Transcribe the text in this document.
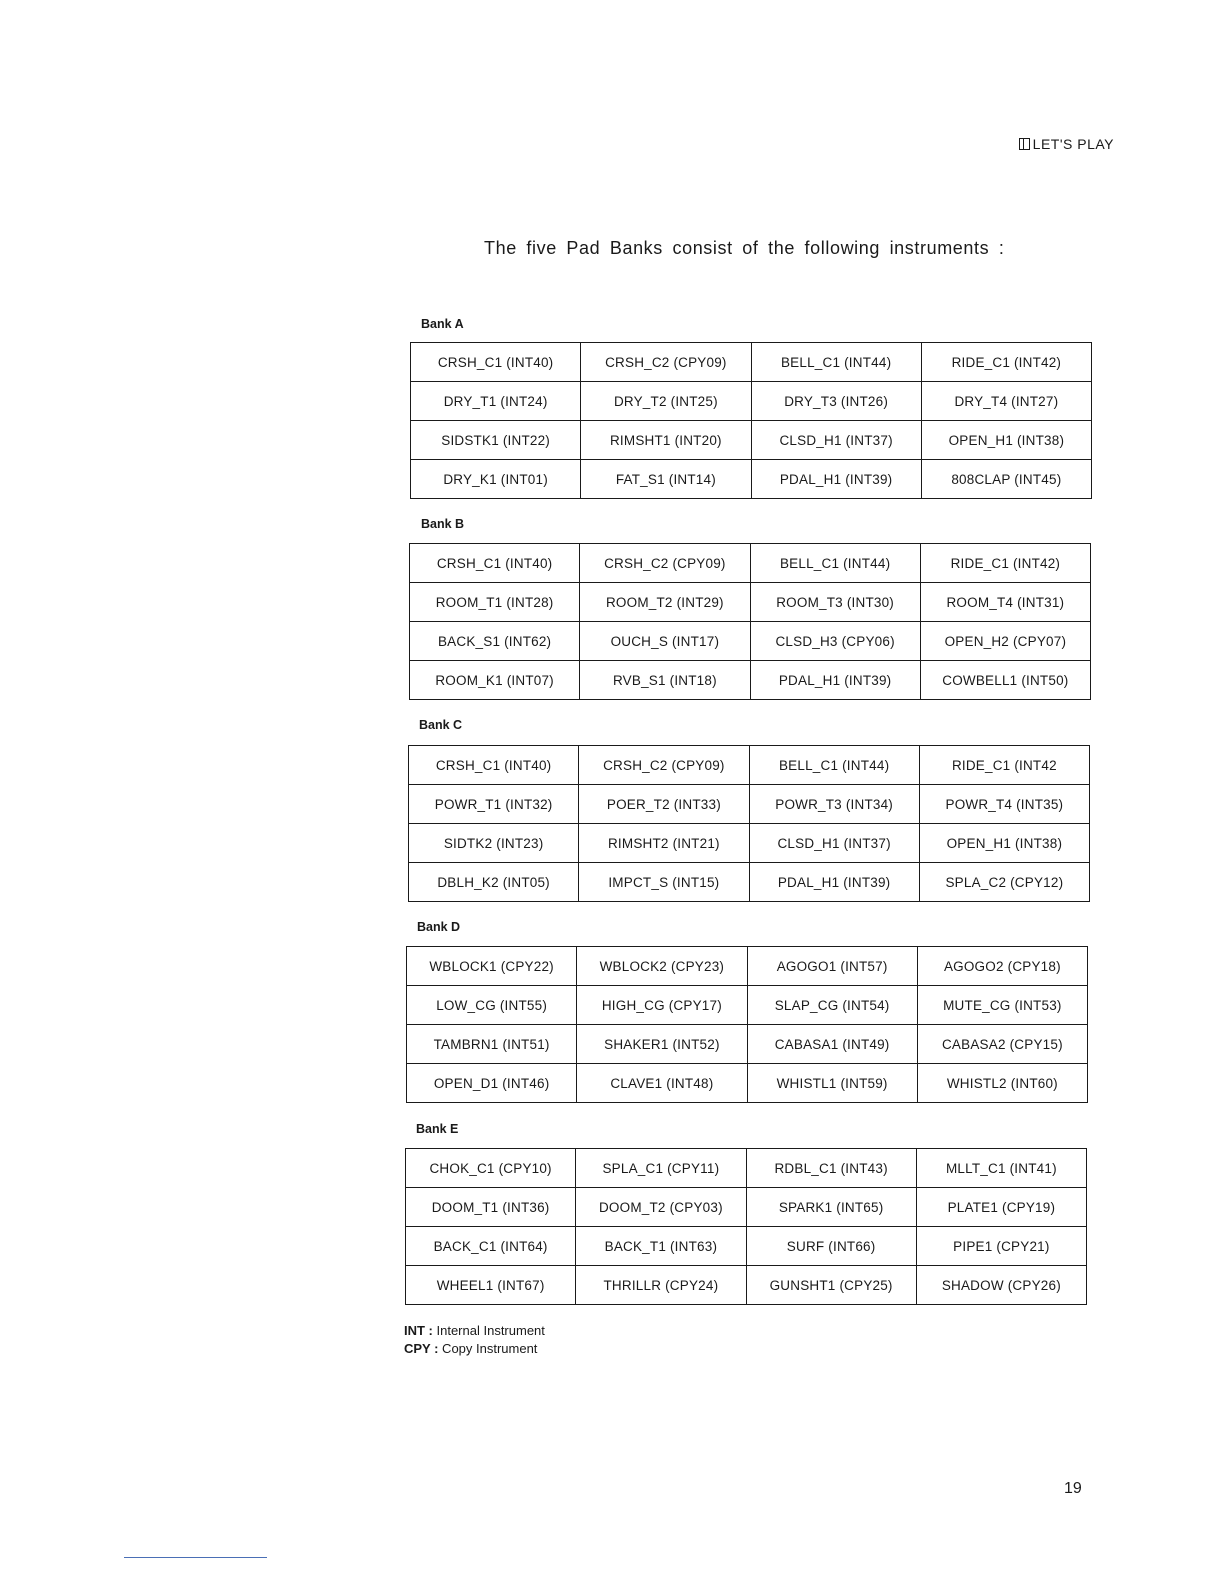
LET'S PLAY
The five Pad Banks consist of the following instruments :
Bank A
CRSH_C1 (INT40)	CRSH_C2 (CPY09)	BELL_C1 (INT44)	RIDE_C1 (INT42)
DRY_T1 (INT24)	DRY_T2 (INT25)	DRY_T3 (INT26)	DRY_T4 (INT27)
SIDSTK1 (INT22)	RIMSHT1 (INT20)	CLSD_H1 (INT37)	OPEN_H1 (INT38)
DRY_K1 (INT01)	FAT_S1 (INT14)	PDAL_H1 (INT39)	808CLAP (INT45)
Bank B
CRSH_C1 (INT40)	CRSH_C2 (CPY09)	BELL_C1 (INT44)	RIDE_C1 (INT42)
ROOM_T1 (INT28)	ROOM_T2 (INT29)	ROOM_T3 (INT30)	ROOM_T4 (INT31)
BACK_S1 (INT62)	OUCH_S (INT17)	CLSD_H3 (CPY06)	OPEN_H2 (CPY07)
ROOM_K1 (INT07)	RVB_S1 (INT18)	PDAL_H1 (INT39)	COWBELL1 (INT50)
Bank C
CRSH_C1 (INT40)	CRSH_C2 (CPY09)	BELL_C1 (INT44)	RIDE_C1 (INT42
POWR_T1 (INT32)	POER_T2 (INT33)	POWR_T3 (INT34)	POWR_T4 (INT35)
SIDTK2 (INT23)	RIMSHT2 (INT21)	CLSD_H1 (INT37)	OPEN_H1 (INT38)
DBLH_K2 (INT05)	IMPCT_S (INT15)	PDAL_H1 (INT39)	SPLA_C2 (CPY12)
Bank D
WBLOCK1 (CPY22)	WBLOCK2 (CPY23)	AGOGO1 (INT57)	AGOGO2 (CPY18)
LOW_CG (INT55)	HIGH_CG (CPY17)	SLAP_CG (INT54)	MUTE_CG (INT53)
TAMBRN1 (INT51)	SHAKER1 (INT52)	CABASA1 (INT49)	CABASA2 (CPY15)
OPEN_D1 (INT46)	CLAVE1 (INT48)	WHISTL1 (INT59)	WHISTL2 (INT60)
Bank E
CHOK_C1 (CPY10)	SPLA_C1 (CPY11)	RDBL_C1 (INT43)	MLLT_C1 (INT41)
DOOM_T1 (INT36)	DOOM_T2 (CPY03)	SPARK1 (INT65)	PLATE1 (CPY19)
BACK_C1 (INT64)	BACK_T1 (INT63)	SURF (INT66)	PIPE1 (CPY21)
WHEEL1 (INT67)	THRILLR (CPY24)	GUNSHT1 (CPY25)	SHADOW (CPY26)
INT : Internal Instrument
CPY : Copy Instrument
19
